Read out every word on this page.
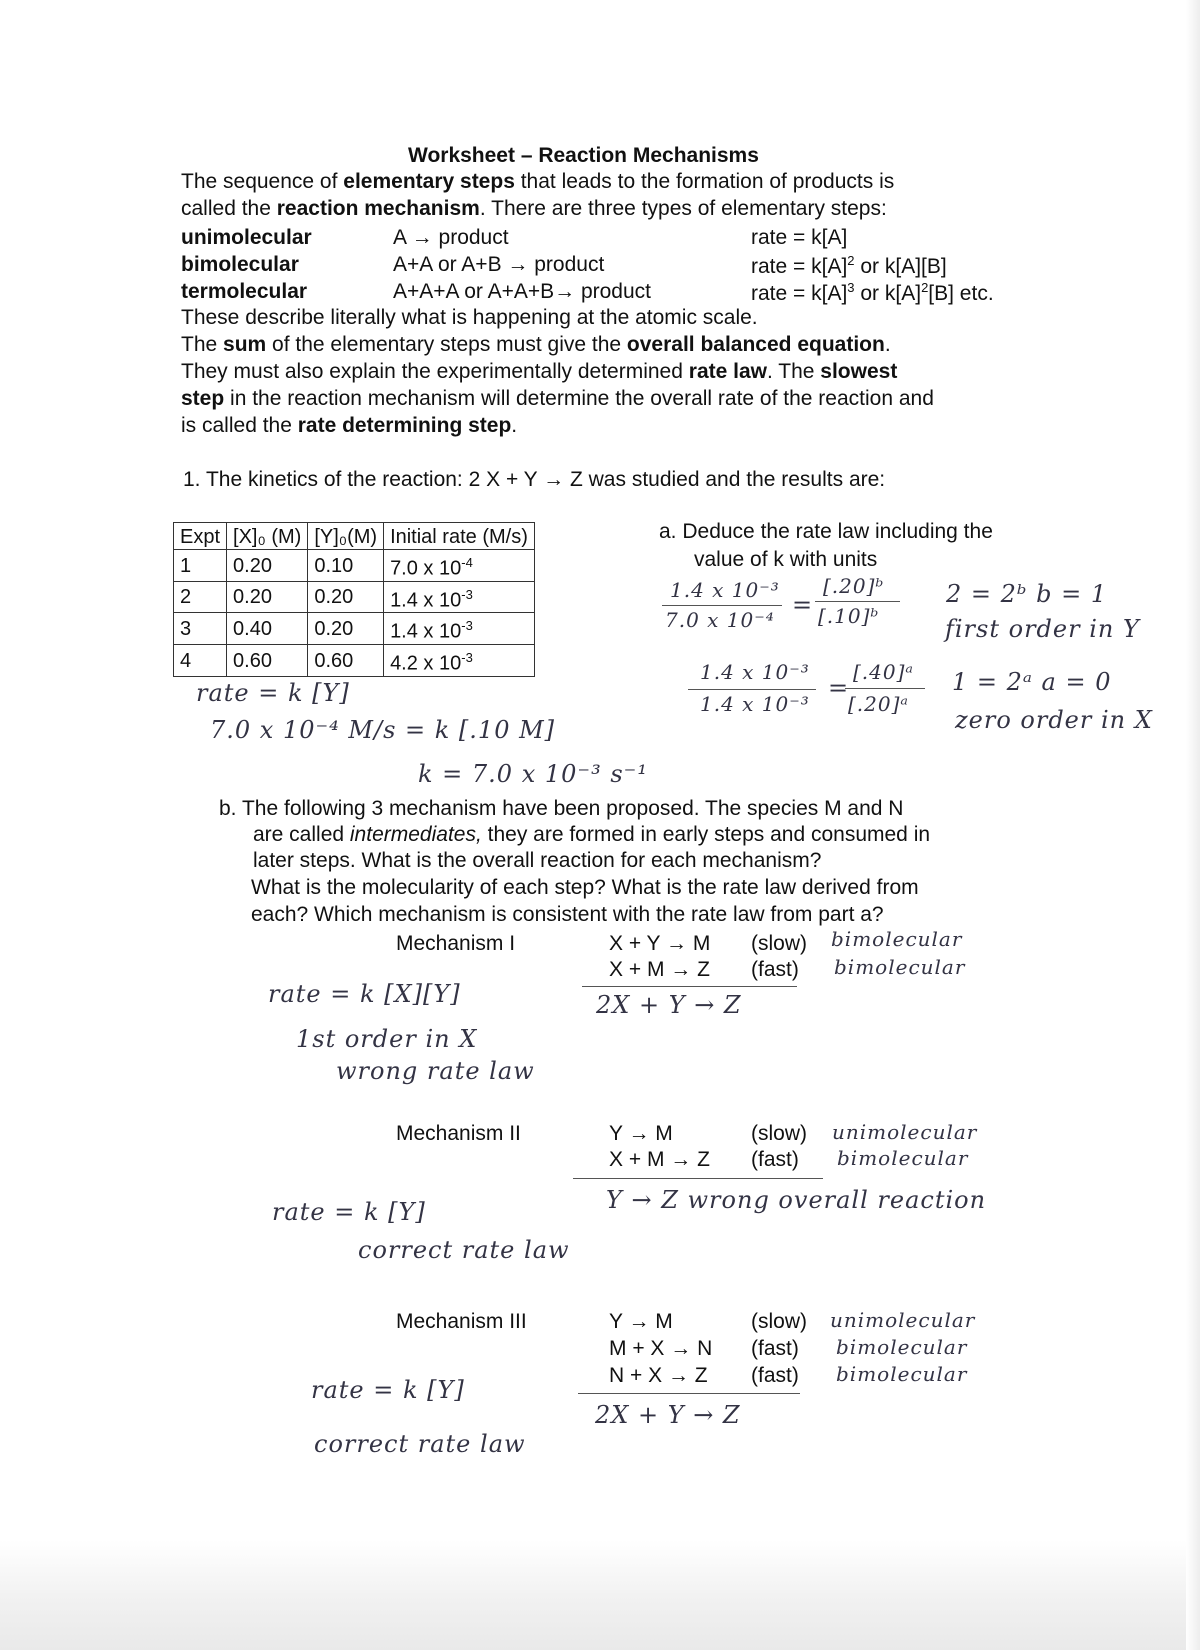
Worksheet – Reaction Mechanisms
The sequence of elementary steps that leads to the formation of products is
called the reaction mechanism. There are three types of elementary steps:
unimolecular	A → product	rate = k[A]
bimolecular	A+A or A+B → product	rate = $k[A]^2$ or k[A][B]
termolecular	A+A+A or A+A+B→ product	rate = $k[A]^3$ or $k[A]^2[B]$ etc.
These describe literally what is happening at the atomic scale.
The sum of the elementary steps must give the overall balanced equation.
They must also explain the experimentally determined rate law. The slowest
step in the reaction mechanism will determine the overall rate of the reaction and
is called the rate determining step.
1. The kinetics of the reaction: 2 X + Y → Z was studied and the results are:
Expt	[X]₀ (M)	[Y]₀(M)	Initial rate (M/s)
1	0.20	0.10	7.0 x $10^{-4}$
2	0.20	0.20	1.4 x $10^{-3}$
3	0.40	0.20	1.4 x $10^{-3}$
4	0.60	0.60	4.2 x $10^{-3}$
a. Deduce the rate law including the
value of k with units
1.4 x 10⁻³
7.0 x 10⁻⁴
=
[.20]ᵇ
[.10]ᵇ
2 = 2ᵇ b = 1
first order in Y
1.4 x 10⁻³
1.4 x 10⁻³
=
[.40]ᵃ
[.20]ᵃ
1 = 2ᵃ a = 0
zero order in X
rate = k [Y]
7.0 x 10⁻⁴ M/s = k [.10 M]
k = 7.0 x 10⁻³ s⁻¹
b. The following 3 mechanism have been proposed. The species M and N
are called intermediates, they are formed in early steps and consumed in
later steps. What is the overall reaction for each mechanism?
What is the molecularity of each step? What is the rate law derived from
each? Which mechanism is consistent with the rate law from part a?
Mechanism I	X + Y → M (slow) bimolecular
X + M → Z (fast) bimolecular
2X + Y → Z
rate = k [X][Y]
1st order in X
wrong rate law
Mechanism II	Y → M	(slow) unimolecular
X + M → Z (fast) bimolecular
Y → Z wrong overall reaction
rate = k [Y]
correct rate law
Mechanism III	Y → M	(slow) unimolecular
M + X → N (fast) bimolecular
N + X → Z (fast) bimolecular
2X + Y → Z
rate = k [Y]
correct rate law
